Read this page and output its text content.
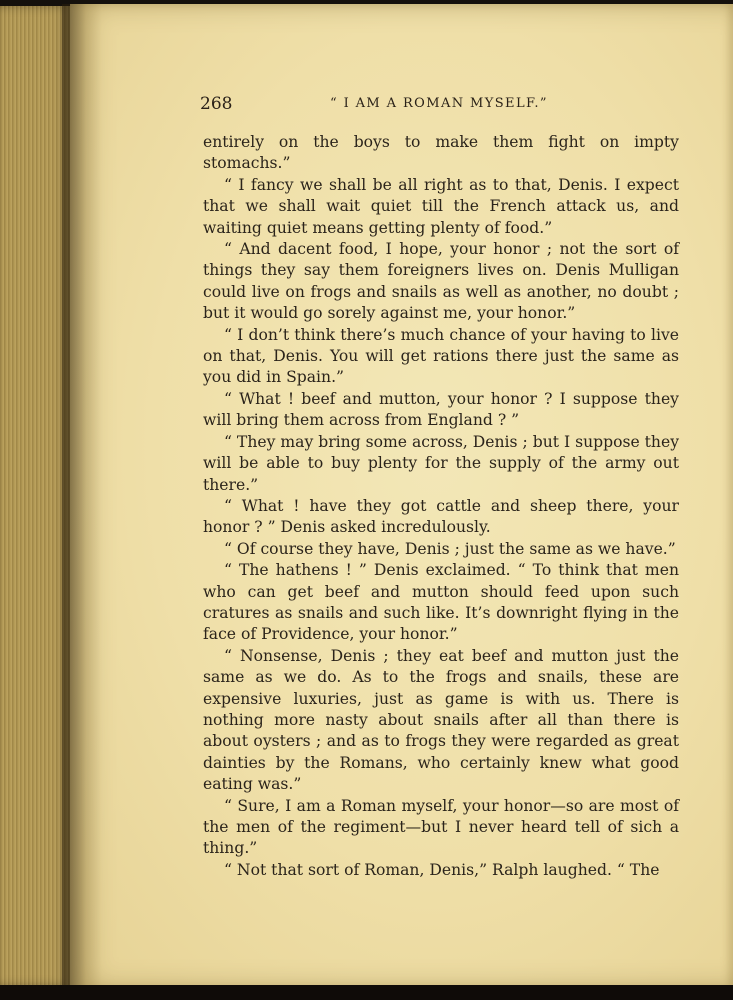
268	“ I AM A ROMAN MYSELF.”

entirely on the boys to make them fight on impty stomachs.”

“ I fancy we shall be all right as to that, Denis. I expect that we shall wait quiet till the French attack us, and waiting quiet means getting plenty of food.”

“ And dacent food, I hope, your honor ; not the sort of things they say them foreigners lives on. Denis Mulligan could live on frogs and snails as well as another, no doubt ; but it would go sorely against me, your honor.”

“ I don’t think there’s much chance of your having to live on that, Denis. You will get rations there just the same as you did in Spain.”

“ What ! beef and mutton, your honor ? I suppose they will bring them across from England ? ”

“ They may bring some across, Denis ; but I suppose they will be able to buy plenty for the supply of the army out there.”

“ What ! have they got cattle and sheep there, your honor ? ” Denis asked incredulously.

“ Of course they have, Denis ; just the same as we have.”

“ The hathens ! ” Denis exclaimed. “ To think that men who can get beef and mutton should feed upon such cratures as snails and such like. It’s downright flying in the face of Providence, your honor.”

“ Nonsense, Denis ; they eat beef and mutton just the same as we do. As to the frogs and snails, these are expensive luxuries, just as game is with us. There is nothing more nasty about snails after all than there is about oysters ; and as to frogs they were regarded as great dainties by the Romans, who certainly knew what good eating was.”

“ Sure, I am a Roman myself, your honor—so are most of the men of the regiment—but I never heard tell of sich a thing.”

“ Not that sort of Roman, Denis,” Ralph laughed. “ The
